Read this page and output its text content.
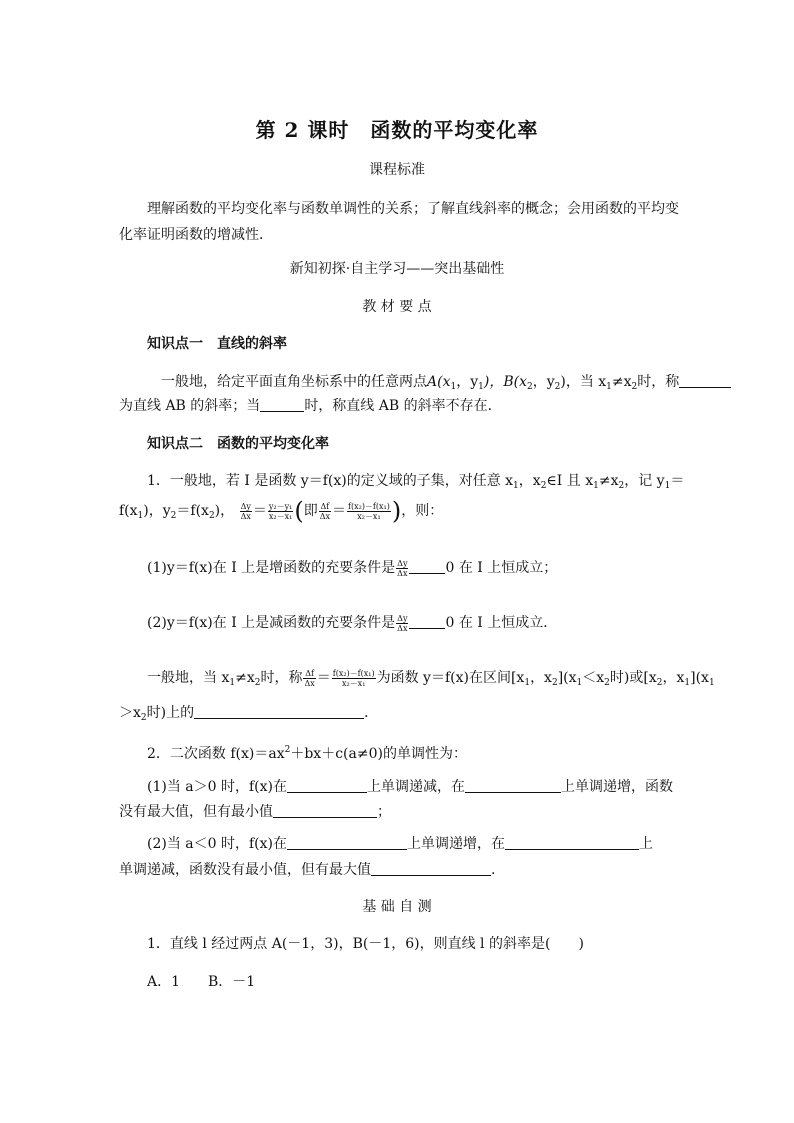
第 2 课时　函数的平均变化率
课程标准
理解函数的平均变化率与函数单调性的关系；了解直线斜率的概念；会用函数的平均变
化率证明函数的增减性．
新知初探·自主学习——突出基础性
教 材 要 点
知识点一　直线的斜率
一般地，给定平面直角坐标系中的任意两点$A(x_1$，$y_1$)，$B(x_2$，$y_2$)，当 $x_1\ne x_2$时，称
为直线 AB 的斜率；当	时，称直线 AB 的斜率不存在．
知识点二　函数的平均变化率
1．一般地，若 I 是函数 y＝f(x)的定义域的子集，对任意 $x_1$，$x_2\in I$ 且 $x_1\ne x_2$，记 $y_1=$
$f(x_1)$，$y_2=f(x_2)$， $\frac{\Delta y}{\Delta x} = \frac{\text{y₂－y₁}}{\text{x₂－x₁}}$ (即 $\frac{\Delta f}{\Delta x} = \frac{\text{f(x₂)－f(x₁)}}{\text{x₂－x₁}}$ )，则：
(1)y＝f(x)在 I 上是增函数的充要条件是 $\frac{\Delta y}{\Delta x}$	0 在 I 上恒成立；
(2)y＝f(x)在 I 上是减函数的充要条件是 $\frac{\Delta y}{\Delta x}$	0 在 I 上恒成立．
一般地，当 $x_1\ne x_2$时，称 $\frac{\Delta f}{\Delta x} = \frac{\text{f(x₂)－f(x₁)}}{\text{x₂－x₁}}$ 为函数 y＝f(x)在区间[$x_1$，$x_2](x_1<x_2$时)或[$x_2$，$x_1](x_1$
$>x_2$时)上的	．
2．二次函数 $f(x)=ax^2+bx+c(a\ne 0)$的单调性为：
(1)当 a＞0 时，f(x)在	上单调递减，在	上单调递增，函数
没有最大值，但有最小值	；
(2)当 a＜0 时，f(x)在	上单调递增，在	上
单调递减，函数没有最小值，但有最大值	.
基 础 自 测
1．直线 l 经过两点 A(－1，3)，B(－1，6)，则直线 l 的斜率是(　　)
A．1　　B．－1
